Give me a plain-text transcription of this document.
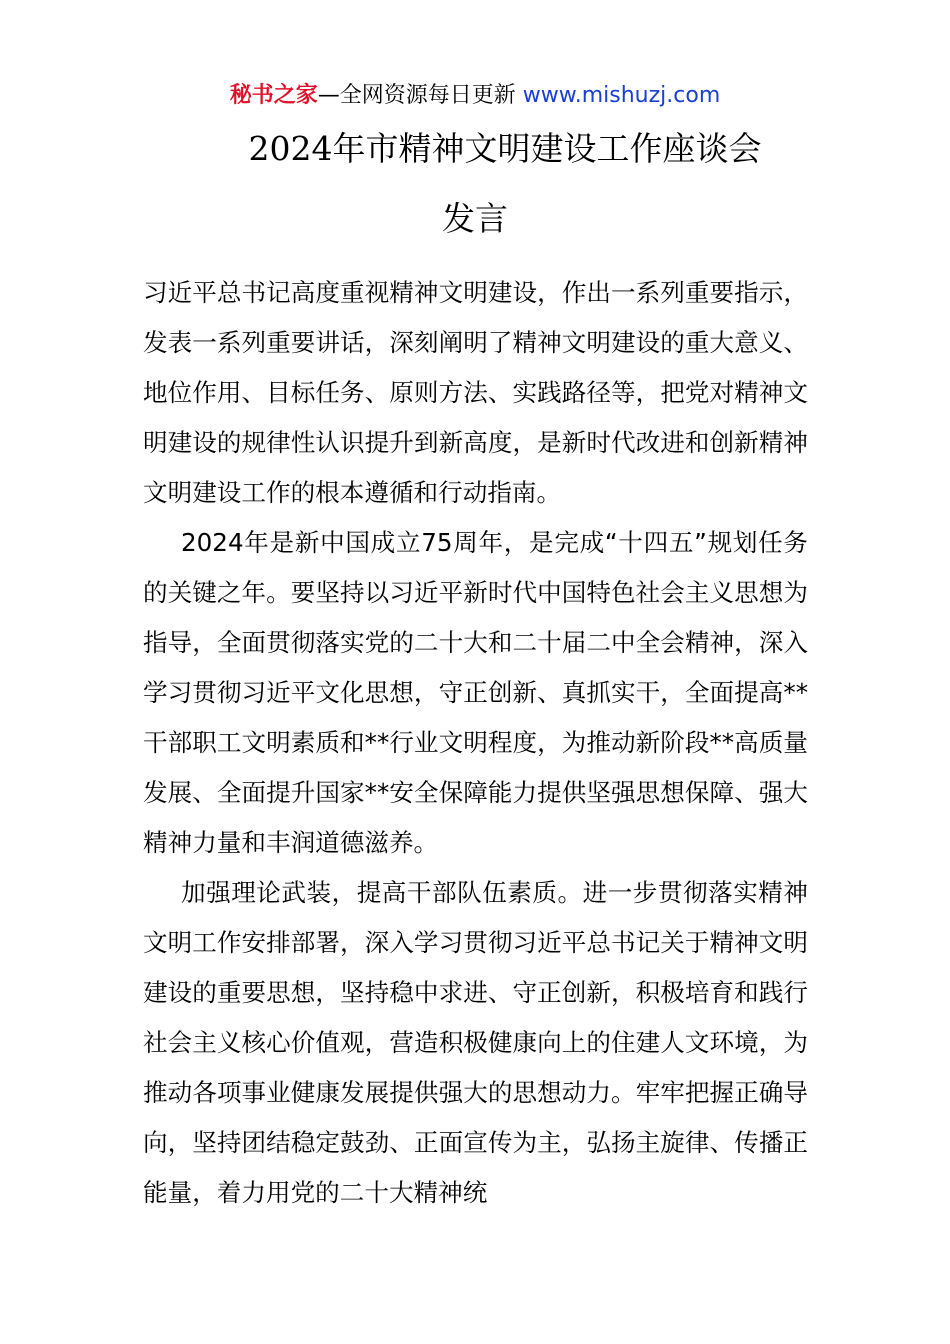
秘书之家—全网资源每日更新 www.mishuzj.com
2024年市精神文明建设工作座谈会
发言

习近平总书记高度重视精神文明建设，作出一系列重要指示，发表一系列重要讲话，深刻阐明了精神文明建设的重大意义、地位作用、目标任务、原则方法、实践路径等，把党对精神文明建设的规律性认识提升到新高度，是新时代改进和创新精神文明建设工作的根本遵循和行动指南。

2024年是新中国成立75周年，是完成“十四五”规划任务的关键之年。要坚持以习近平新时代中国特色社会主义思想为指导，全面贯彻落实党的二十大和二十届二中全会精神，深入学习贯彻习近平文化思想，守正创新、真抓实干，全面提高**干部职工文明素质和**行业文明程度，为推动新阶段**高质量发展、全面提升国家**安全保障能力提供坚强思想保障、强大精神力量和丰润道德滋养。

加强理论武装，提高干部队伍素质。进一步贯彻落实精神文明工作安排部署，深入学习贯彻习近平总书记关于精神文明建设的重要思想，坚持稳中求进、守正创新，积极培育和践行社会主义核心价值观，营造积极健康向上的住建人文环境，为推动各项事业健康发展提供强大的思想动力。牢牢把握正确导向，坚持团结稳定鼓劲、正面宣传为主，弘扬主旋律、传播正能量，着力用党的二十大精神统
